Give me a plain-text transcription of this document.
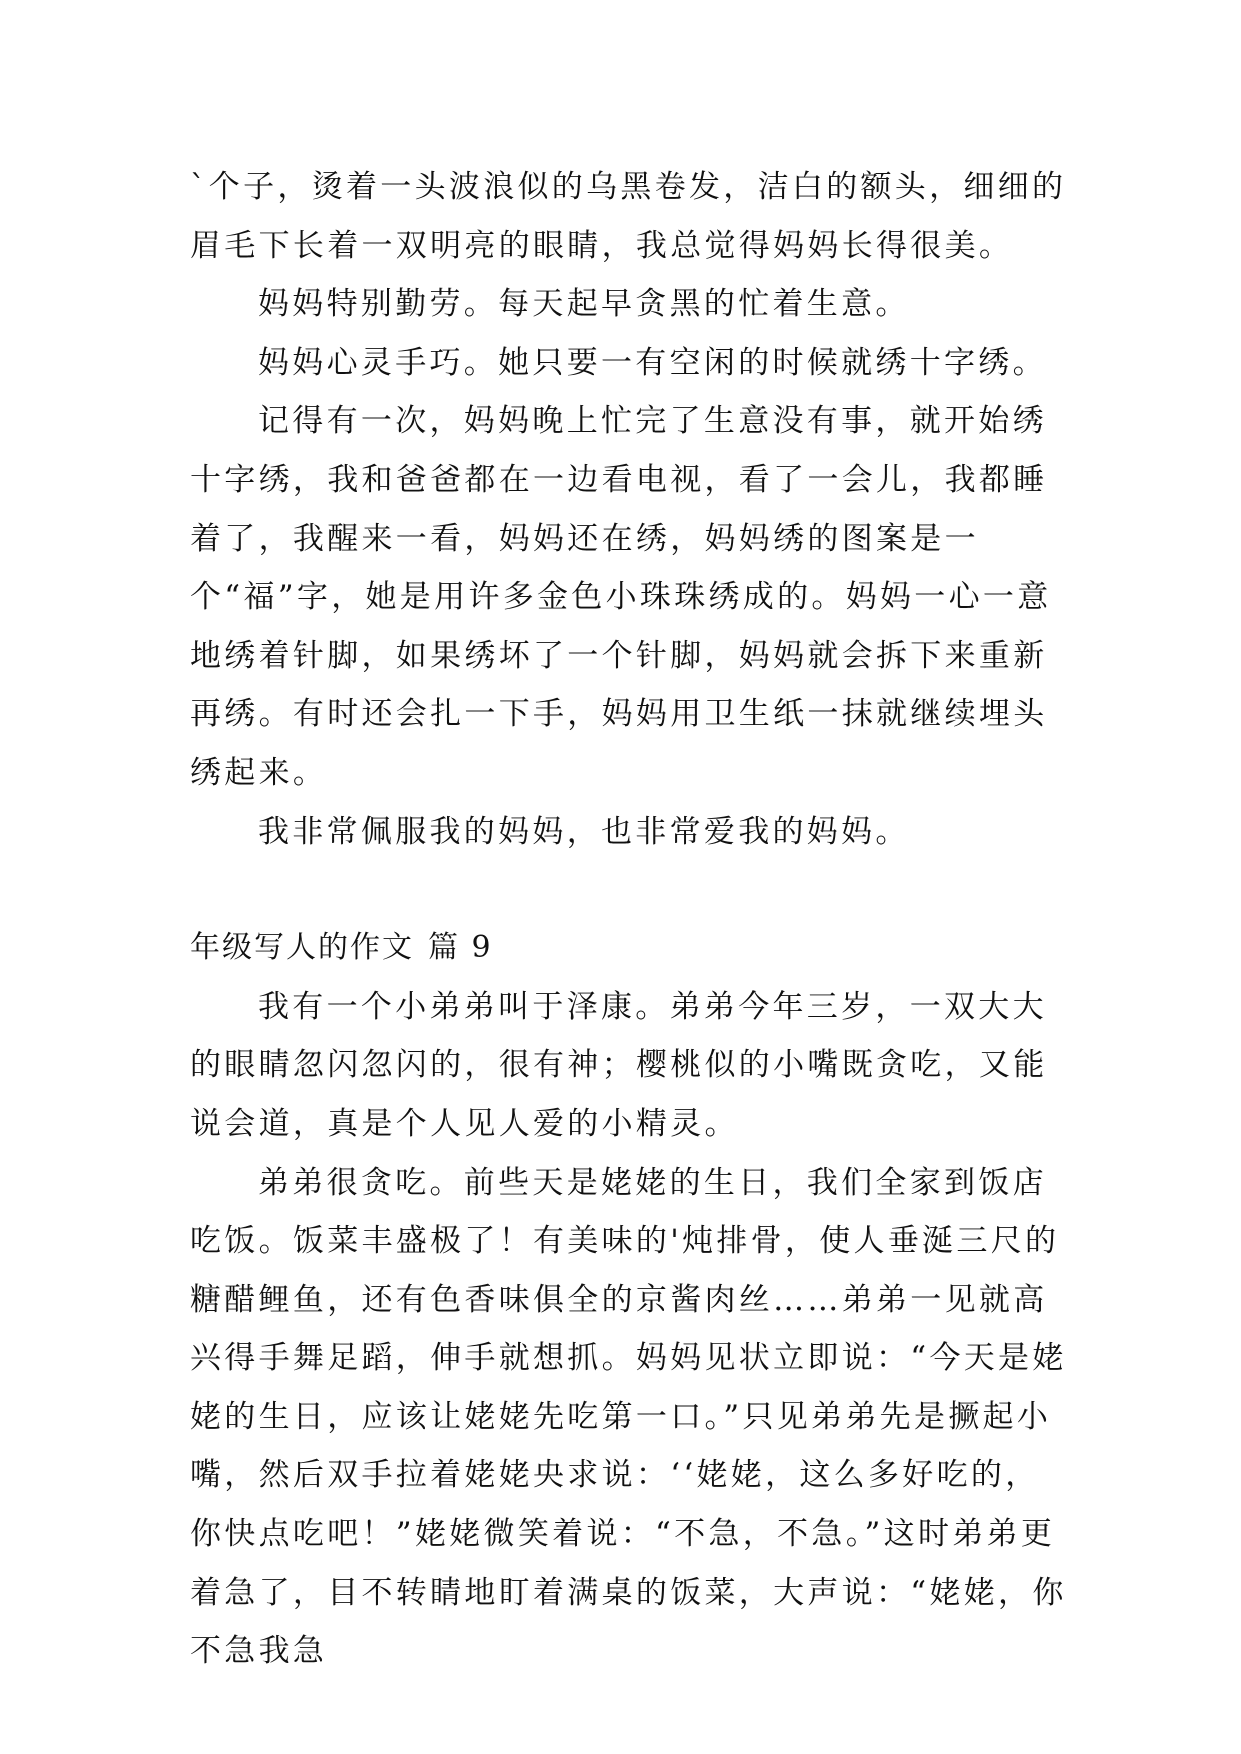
`个子，烫着一头波浪似的乌黑卷发，洁白的额头，细细的眉毛下长着一双明亮的眼睛，我总觉得妈妈长得很美。

妈妈特别勤劳。每天起早贪黑的忙着生意。

妈妈心灵手巧。她只要一有空闲的时候就绣十字绣。

记得有一次，妈妈晚上忙完了生意没有事，就开始绣十字绣，我和爸爸都在一边看电视，看了一会儿，我都睡着了，我醒来一看，妈妈还在绣，妈妈绣的图案是一个“福”字，她是用许多金色小珠珠绣成的。妈妈一心一意地绣着针脚，如果绣坏了一个针脚，妈妈就会拆下来重新再绣。有时还会扎一下手，妈妈用卫生纸一抹就继续埋头绣起来。

我非常佩服我的妈妈，也非常爱我的妈妈。

年级写人的作文 篇 9

我有一个小弟弟叫于泽康。弟弟今年三岁，一双大大的眼睛忽闪忽闪的，很有神；樱桃似的小嘴既贪吃，又能说会道，真是个人见人爱的小精灵。

弟弟很贪吃。前些天是姥姥的生日，我们全家到饭店吃饭。饭菜丰盛极了！有美味的'炖排骨，使人垂涎三尺的糖醋鲤鱼，还有色香味俱全的京酱肉丝……弟弟一见就高兴得手舞足蹈，伸手就想抓。妈妈见状立即说：“今天是姥姥的生日，应该让姥姥先吃第一口。”只见弟弟先是撅起小嘴，然后双手拉着姥姥央求说：‘‘姥姥，这么多好吃的，你快点吃吧！”姥姥微笑着说：“不急，不急。”这时弟弟更着急了，目不转睛地盯着满桌的饭菜，大声说：“姥姥，你不急我急
